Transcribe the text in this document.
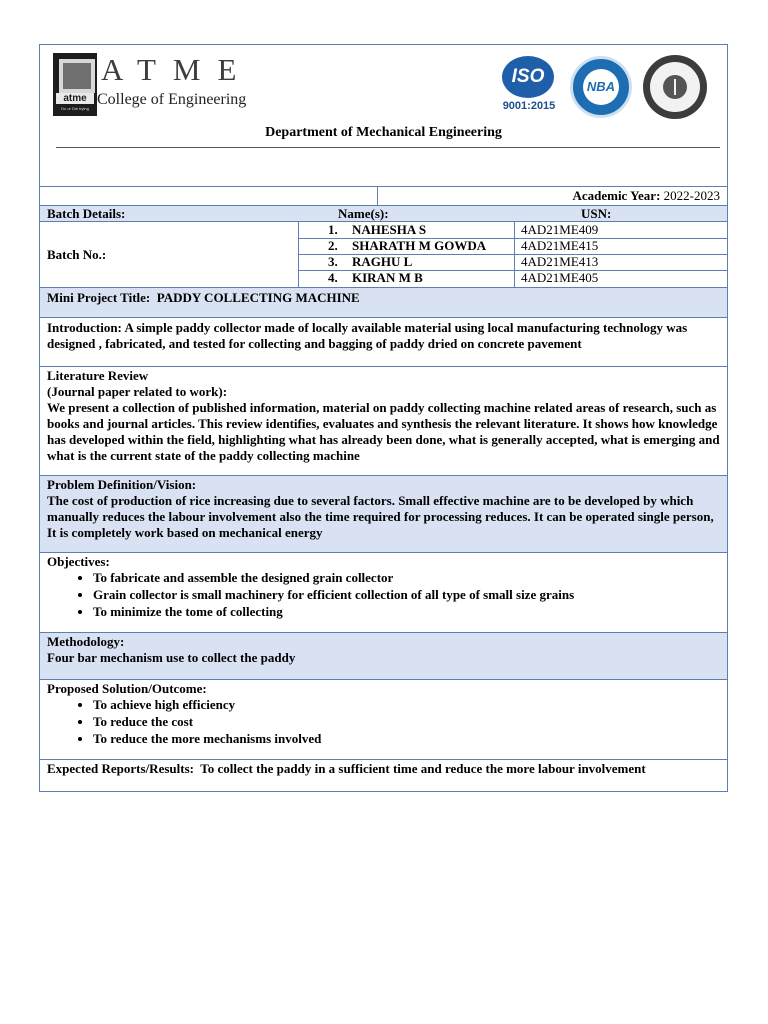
atme
Do or Die trying
ATME
College of Engineering
ISO
9001:2015
NBA
Department of Mechanical Engineering
Academic Year: 2022-2023
Batch Details:	Name(s):	USN:
Batch No.:
1. NAHESHA S	4AD21ME409
2. SHARATH M GOWDA	4AD21ME415
3. RAGHU L	4AD21ME413
4. KIRAN M B	4AD21ME405
Mini Project Title: PADDY COLLECTING MACHINE
Introduction: A simple paddy collector made of locally available material using local manufacturing technology was designed , fabricated, and tested for collecting and bagging of paddy dried on concrete pavement
Literature Review
(Journal paper related to work):
We present a collection of published information, material on paddy collecting machine related areas of research, such as books and journal articles. This review identifies, evaluates and synthesis the relevant literature. It shows how knowledge has developed within the field, highlighting what has already been done, what is generally accepted, what is emerging and what is the current state of the paddy collecting machine
Problem Definition/Vision:
The cost of production of rice increasing due to several factors. Small effective machine are to be developed by which manually reduces the labour involvement also the time required for processing reduces. It can be operated single person, It is completely work based on mechanical energy
Objectives:
• To fabricate and assemble the designed grain collector
• Grain collector is small machinery for efficient collection of all type of small size grains
• To minimize the tome of collecting
Methodology:
Four bar mechanism use to collect the paddy
Proposed Solution/Outcome:
• To achieve high efficiency
• To reduce the cost
• To reduce the more mechanisms involved
Expected Reports/Results: To collect the paddy in a sufficient time and reduce the more labour involvement
